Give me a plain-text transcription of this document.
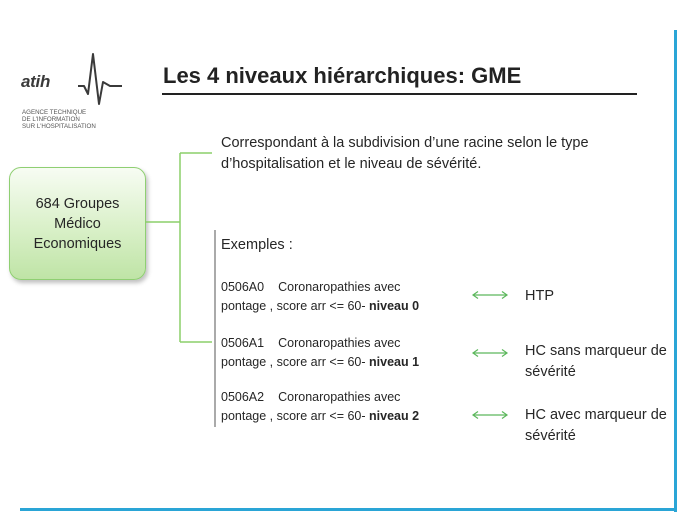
atih
AGENCE TECHNIQUE
DE L'INFORMATION
SUR L'HOSPITALISATION
Les 4 niveaux hiérarchiques: GME
684 Groupes
Médico
Economiques
Correspondant à la subdivision d’une racine selon le type d’hospitalisation et le niveau de sévérité.
Exemples :
0506A0 Coronaropathies avec
pontage , score arr <= 60- niveau 0
HTP
0506A1 Coronaropathies avec
pontage , score arr <= 60- niveau 1
HC sans marqueur de sévérité
0506A2 Coronaropathies avec
pontage , score arr <= 60- niveau 2	HC avec marqueur de sévérité
